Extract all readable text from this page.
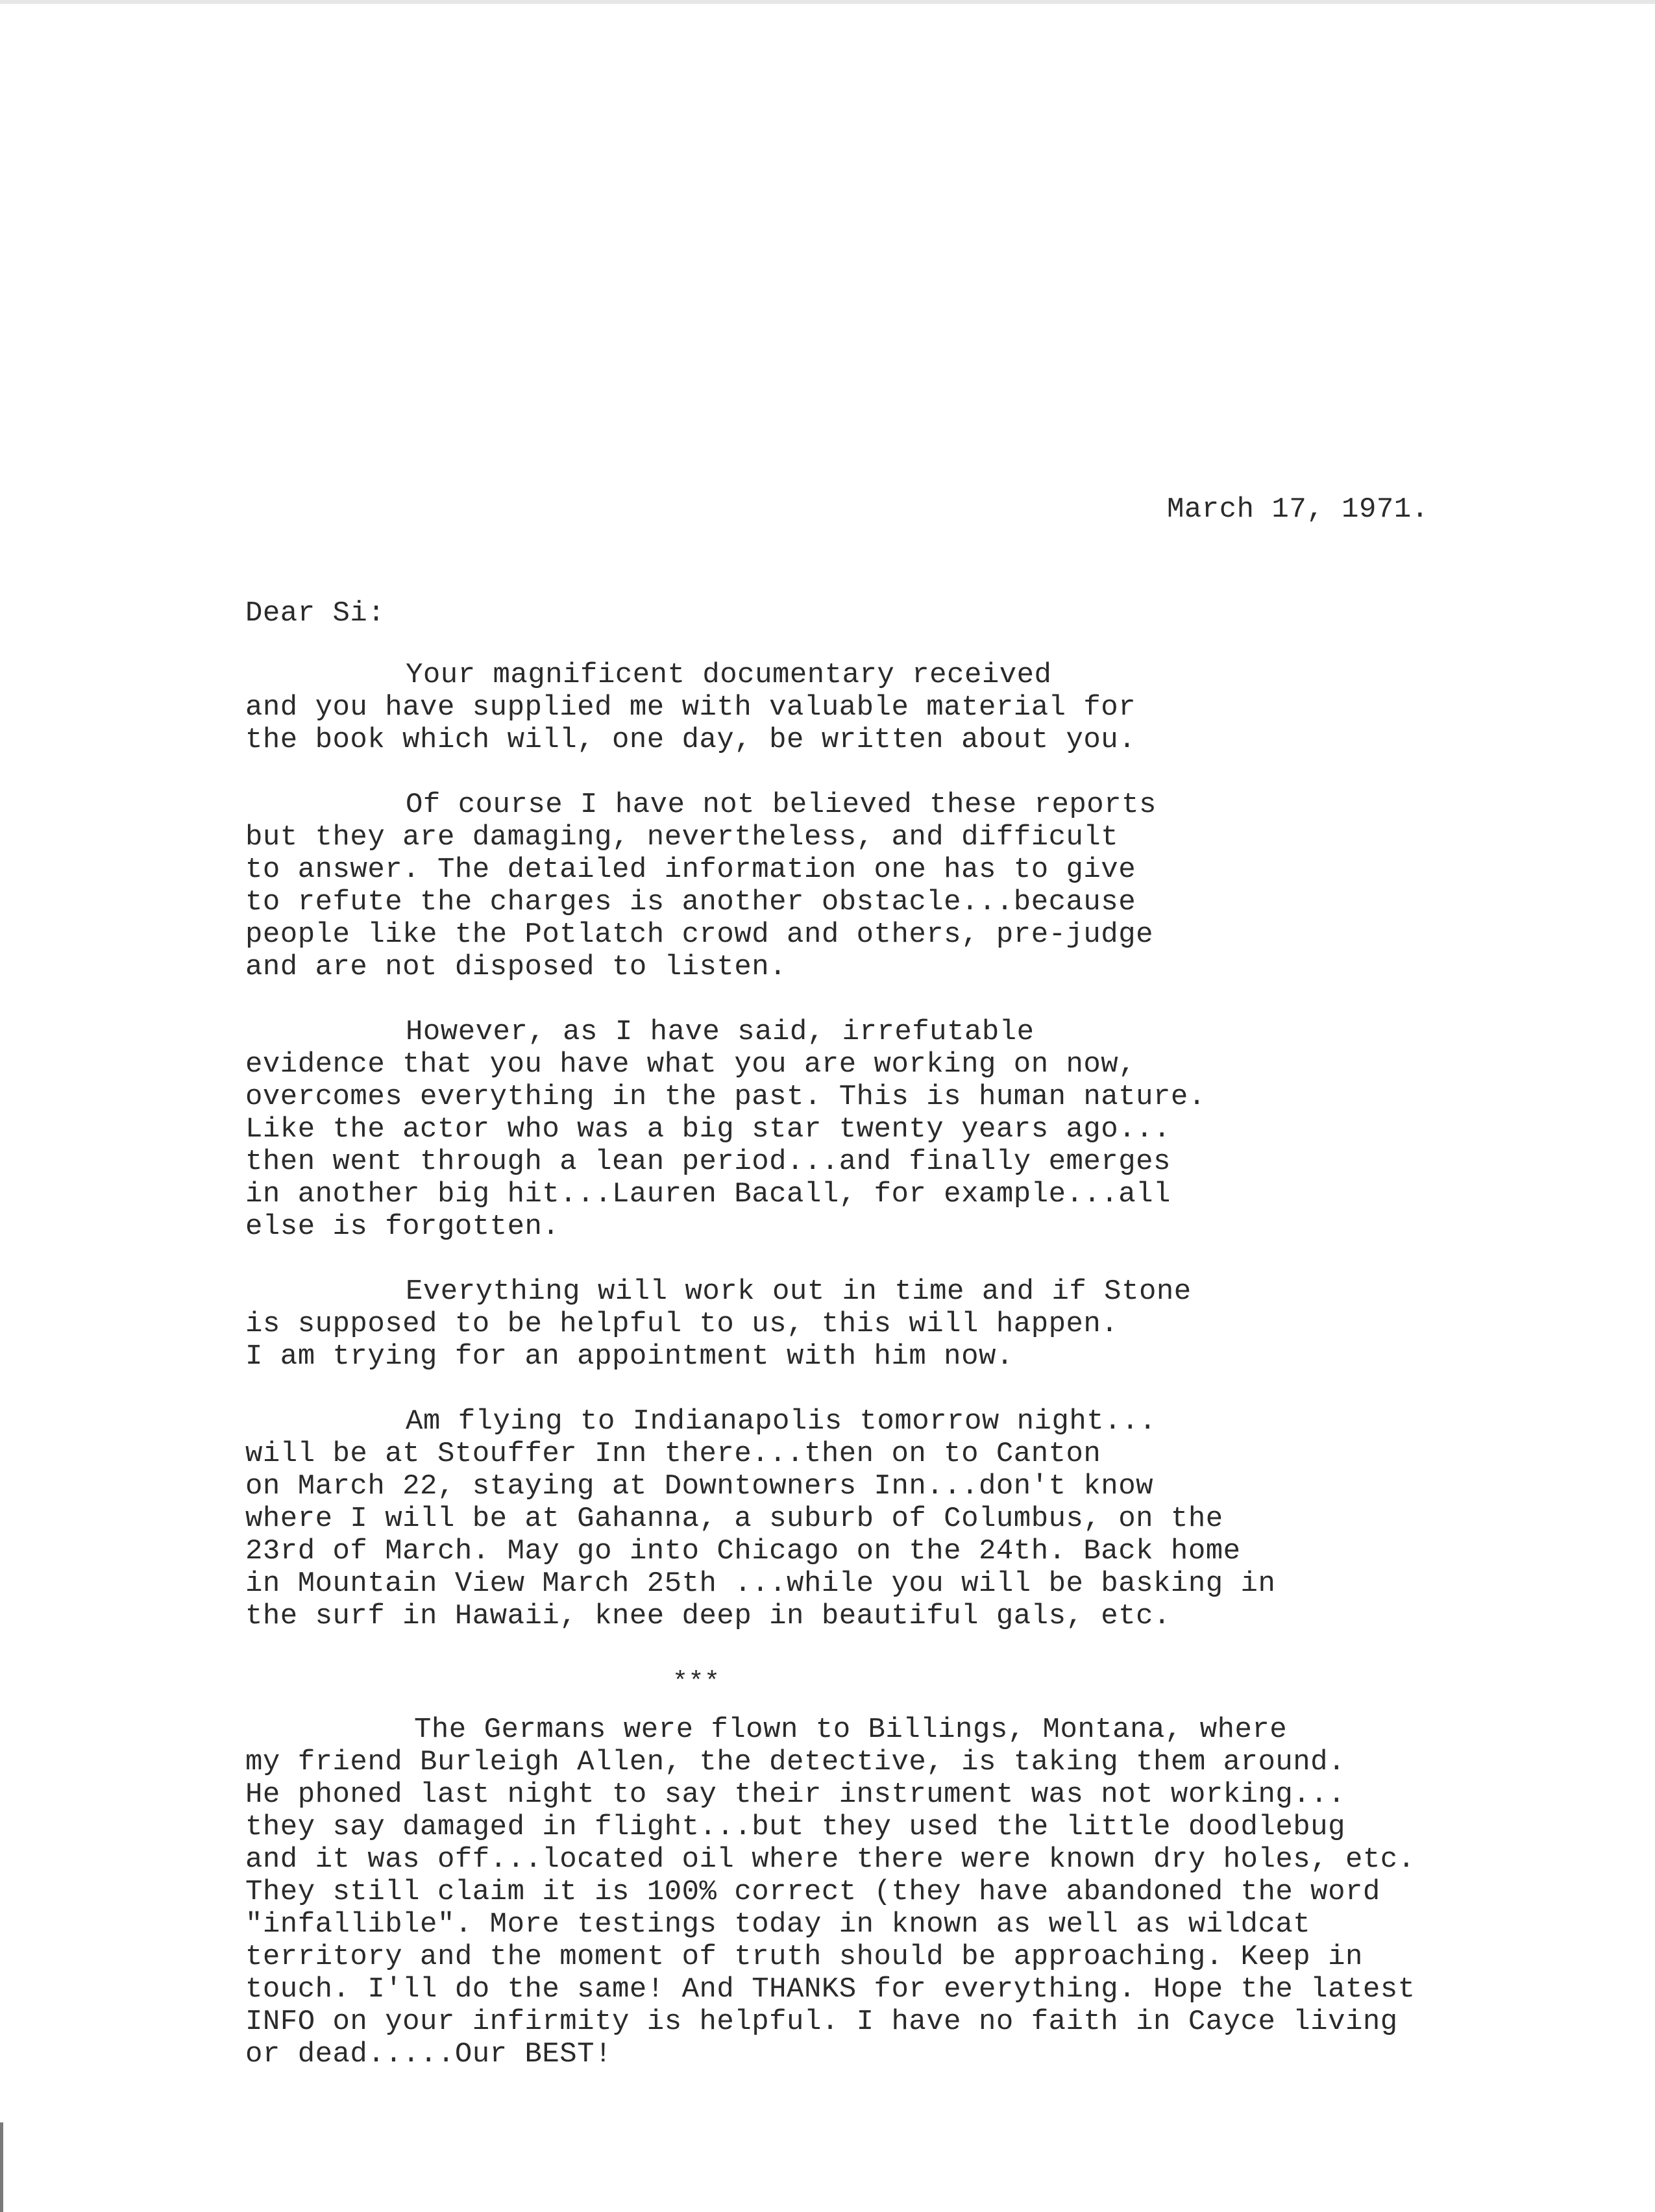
March 17, 1971.
Dear Si:
Your magnificent documentary received
and you have supplied me with valuable material for
the book which will, one day, be written about you.
Of course I have not believed these reports
but they are damaging, nevertheless, and difficult
to answer. The detailed information one has to give
to refute the charges is another obstacle...because
people like the Potlatch crowd and others, pre-judge
and are not disposed to listen.
However, as I have said, irrefutable
evidence that you have what you are working on now,
overcomes everything in the past. This is human nature.
Like the actor who was a big star twenty years ago...
then went through a lean period...and finally emerges
in another big hit...Lauren Bacall, for example...all
else is forgotten.
Everything will work out in time and if Stone
is supposed to be helpful to us, this will happen.
I am trying for an appointment with him now.
Am flying to Indianapolis tomorrow night...
will be at Stouffer Inn there...then on to Canton
on March 22, staying at Downtowners Inn...don't know
where I will be at Gahanna, a suburb of Columbus, on the
23rd of March. May go into Chicago on the 24th. Back home
in Mountain View March 25th ...while you will be basking in
the surf in Hawaii, knee deep in beautiful gals, etc.
***
The Germans were flown to Billings, Montana, where
my friend Burleigh Allen, the detective, is taking them around.
He phoned last night to say their instrument was not working...
they say damaged in flight...but they used the little doodlebug
and it was off...located oil where there were known dry holes, etc.
They still claim it is 100% correct (they have abandoned the word
"infallible". More testings today in known as well as wildcat
territory and the moment of truth should be approaching. Keep in
touch. I'll do the same! And THANKS for everything. Hope the latest
INFO on your infirmity is helpful. I have no faith in Cayce living
or dead.....Our BEST!
